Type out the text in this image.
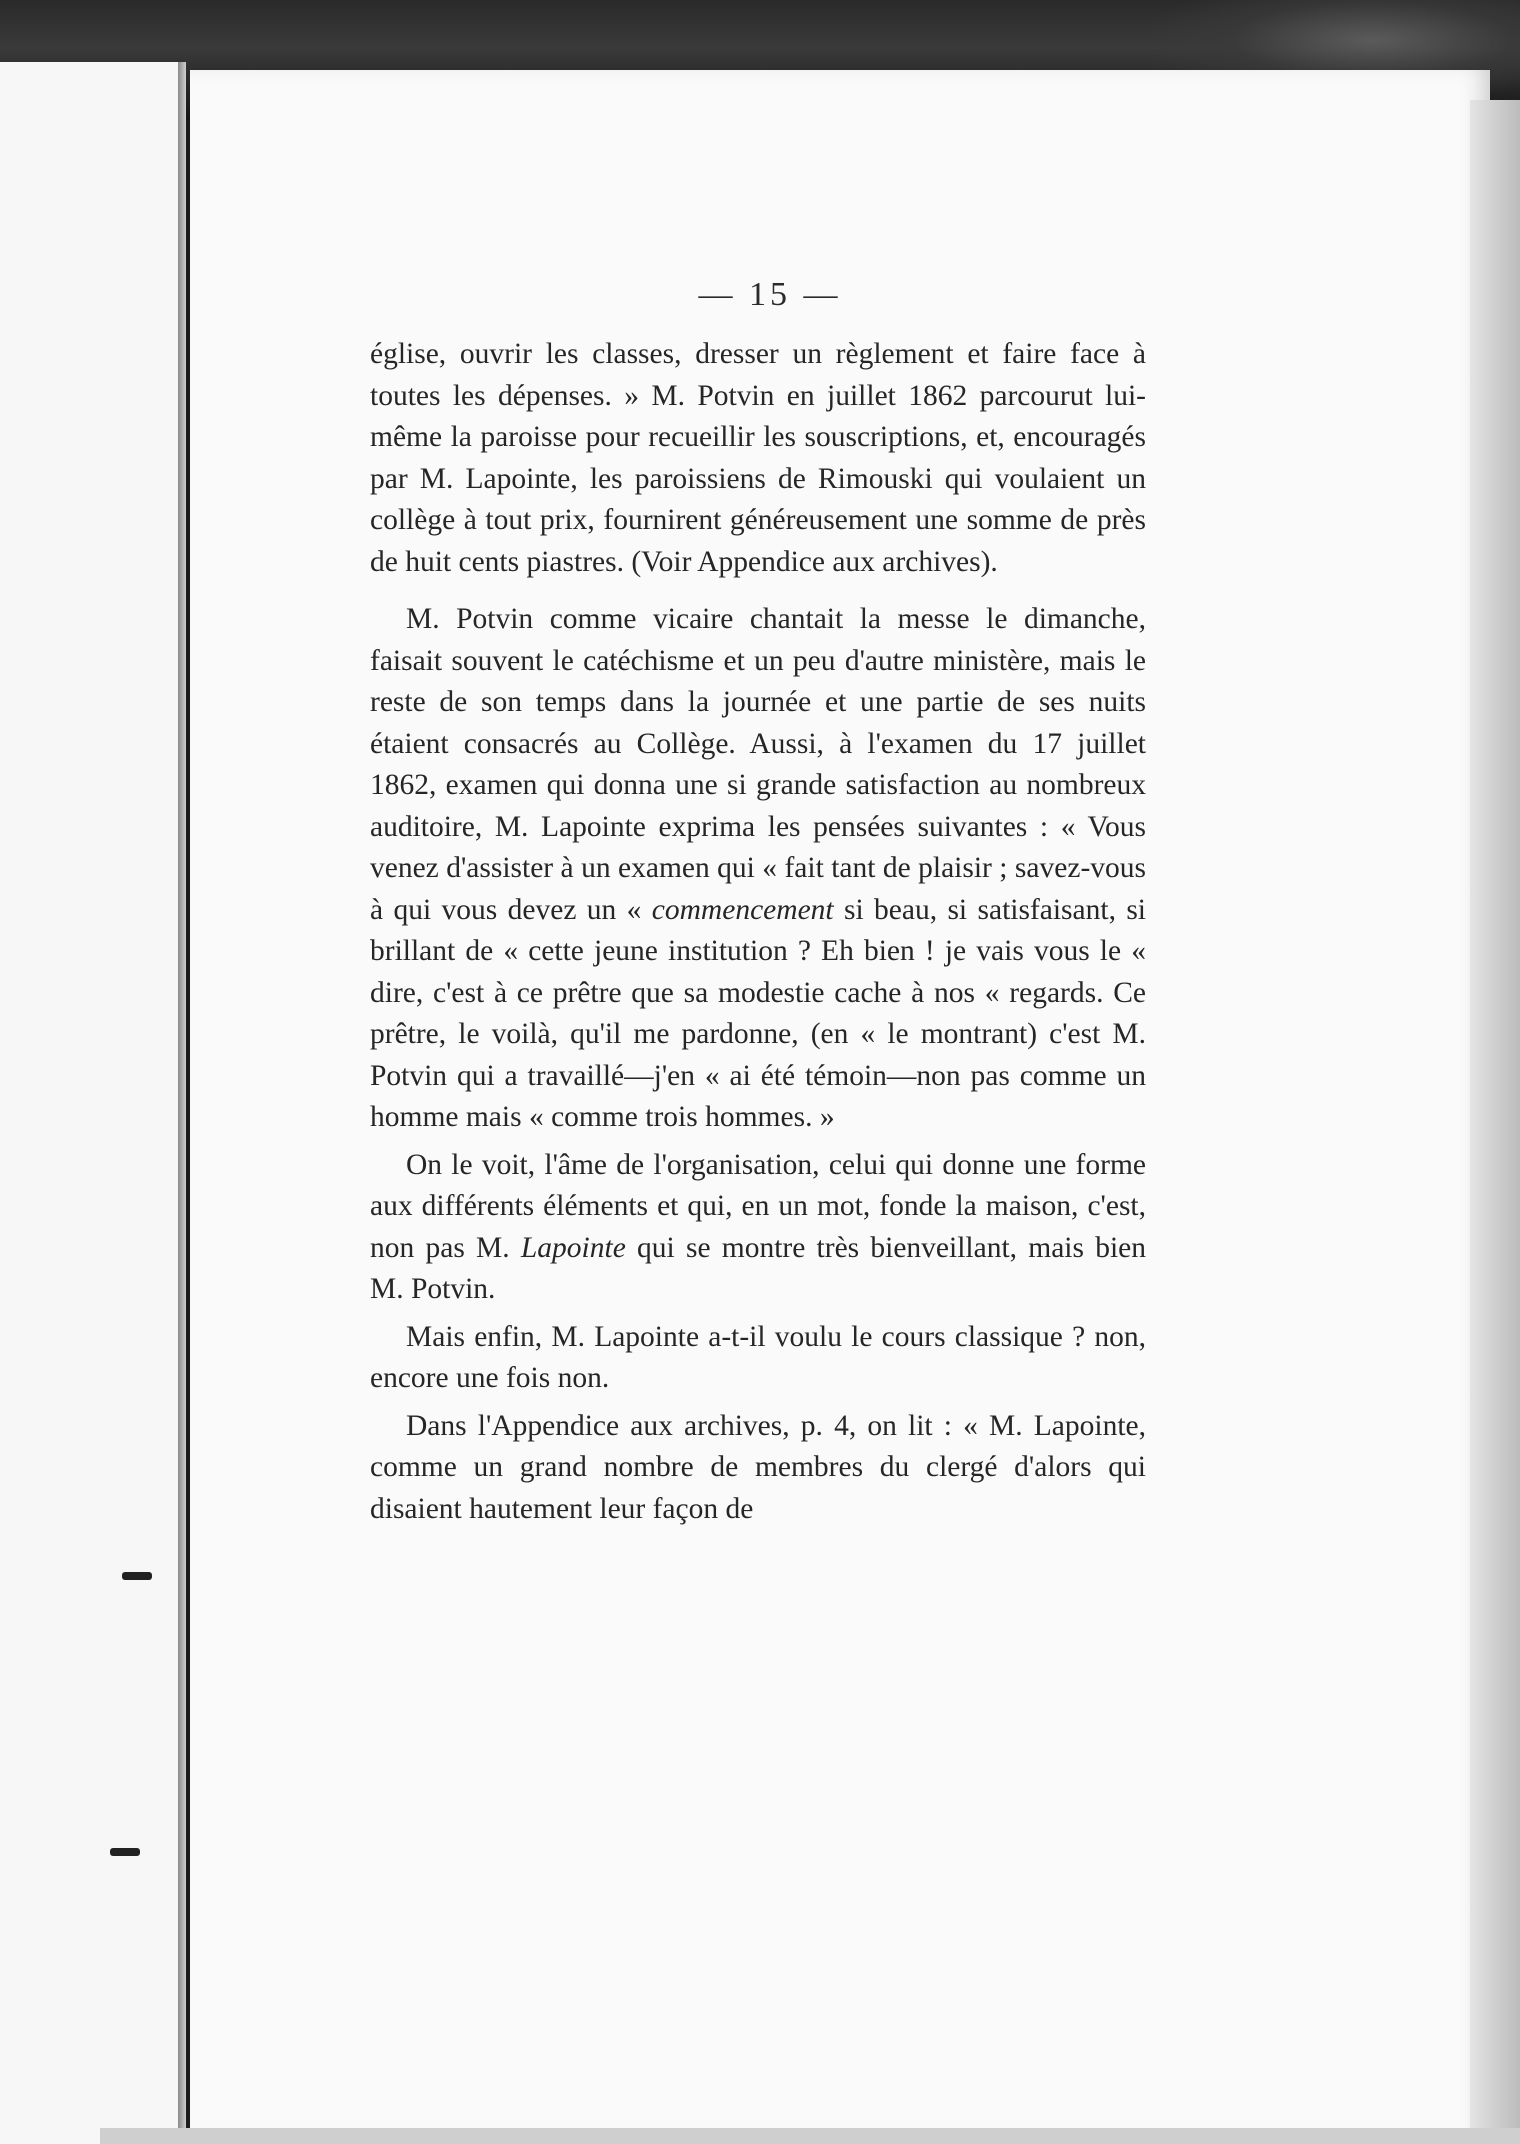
— 15 —

église, ouvrir les classes, dresser un règlement et faire face à toutes les dépenses. » M. Potvin en juillet 1862 parcourut lui-même la paroisse pour recueillir les souscriptions, et, encouragés par M. Lapointe, les paroissiens de Rimouski qui voulaient un collège à tout prix, fournirent généreusement une somme de près de huit cents piastres. (Voir Appendice aux archives).

M. Potvin comme vicaire chantait la messe le dimanche, faisait souvent le catéchisme et un peu d'autre ministère, mais le reste de son temps dans la journée et une partie de ses nuits étaient consacrés au Collège. Aussi, à l'examen du 17 juillet 1862, examen qui donna une si grande satisfaction au nombreux auditoire, M. Lapointe exprima les pensées suivantes : « Vous venez d'assister à un examen qui « fait tant de plaisir ; savez-vous à qui vous devez un « commencement si beau, si satisfaisant, si brillant de « cette jeune institution ? Eh bien ! je vais vous le « dire, c'est à ce prêtre que sa modestie cache à nos « regards. Ce prêtre, le voilà, qu'il me pardonne, (en « le montrant) c'est M. Potvin qui a travaillé—j'en « ai été témoin—non pas comme un homme mais « comme trois hommes. »

On le voit, l'âme de l'organisation, celui qui donne une forme aux différents éléments et qui, en un mot, fonde la maison, c'est, non pas M. Lapointe qui se montre très bienveillant, mais bien M. Potvin.

Mais enfin, M. Lapointe a-t-il voulu le cours classique ? non, encore une fois non.

Dans l'Appendice aux archives, p. 4, on lit : « M. Lapointe, comme un grand nombre de membres du clergé d'alors qui disaient hautement leur façon de
